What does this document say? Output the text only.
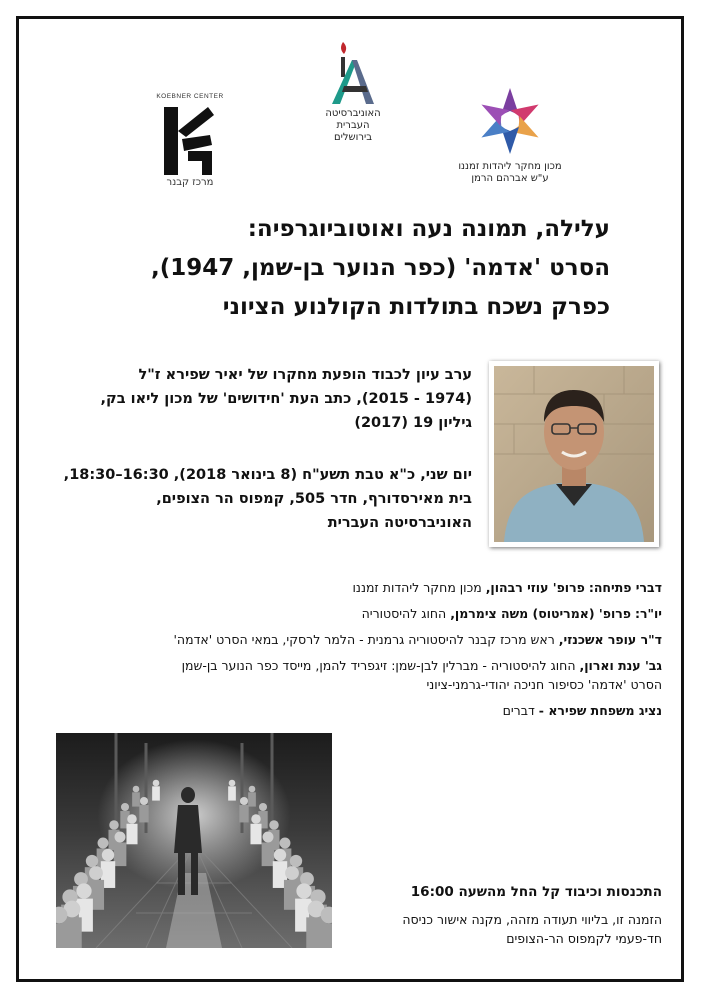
KOEBNER CENTER
מרכז קבנר
האוניברסיטה
העברית
בירושלים
מכון מחקר ליהדות זמננו
ע"ש אברהם הרמן
עלילה, תמונה נעה ואוטוביוגרפיה:
הסרט 'אדמה' (כפר הנוער בן-שמן, 1947),
כפרק נשכח בתולדות הקולנוע הציוני
ערב עיון לכבוד הופעת מחקרו של יאיר שפירא ז"ל
(1974 - 2015), כתב העת 'חידושים' של מכון ליאו בק,
גיליון 19 (2017)
יום שני, כ"א טבת תשע"ח (8 בינואר 2018), 16:30–18:30,
בית מאירסדורף, חדר 505, קמפוס הר הצופים,
האוניברסיטה העברית
דברי פתיחה: פרופ' עוזי רבהון, מכון מחקר ליהדות זמננו
יו"ר: פרופ' (אמריטוס) משה צימרמן, החוג להיסטוריה
ד"ר עופר אשכנזי, ראש מרכז קבנר להיסטוריה גרמנית - הלמר לרסקי, במאי הסרט 'אדמה'
גב' ענת וארון, החוג להיסטוריה - מברלין לבן-שמן: זיגפריד להמן, מייסד כפר הנוער בן-שמן
הסרט 'אדמה' כסיפור חניכה יהודי-גרמני-ציוני
נציג משפחת שפירא - דברים
התכנסות וכיבוד קל החל מהשעה 16:00
הזמנה זו, בליווי תעודה מזהה, מקנה אישור כניסה
חד-פעמי לקמפוס הר-הצופים
